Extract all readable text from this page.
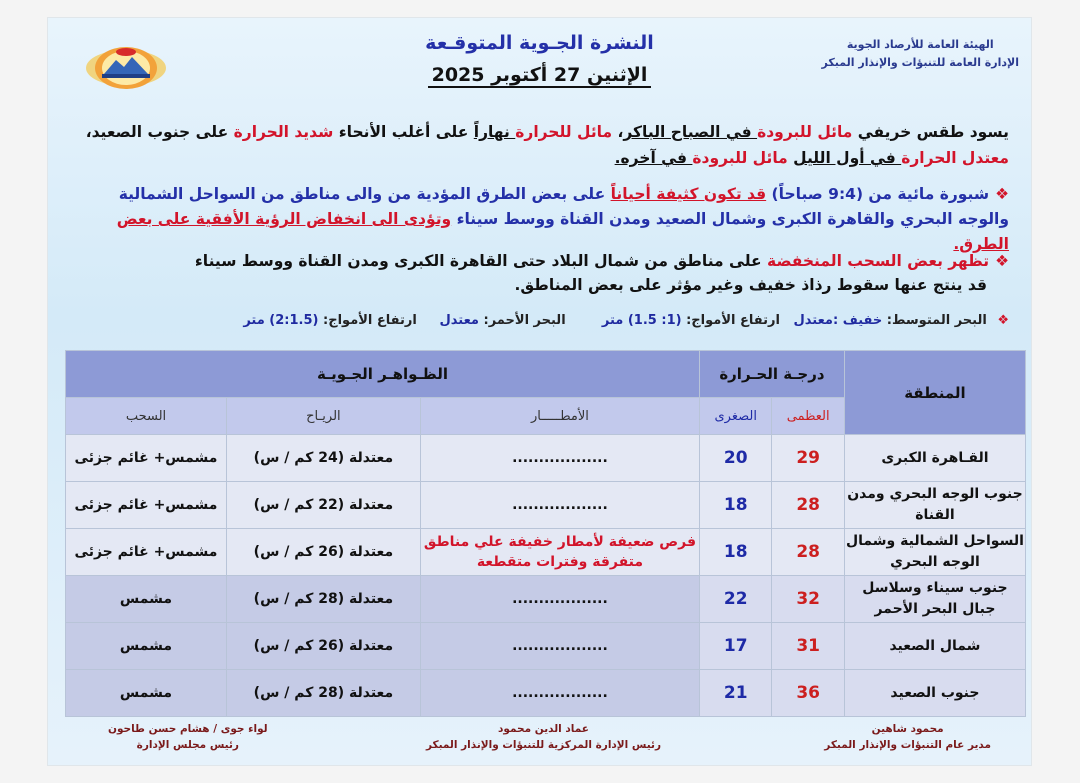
الهيئة العامة للأرصاد الجوية
الإدارة العامة للتنبؤات والإنذار المبكر
النشرة الجـوية المتوقـعة
الإثنين 27 أكتوبر 2025
يسود طقس خريفي مائل للبرودة في الصباح الباكر، مائل للحرارة نهاراً على أغلب الأنحاء شديد الحرارة على جنوب الصعيد،
معتدل الحرارة في أول الليل مائل للبرودة في آخره.
❖شبورة مائية من (9:4 صباحاً) قد تكون كثيفة أحياناً على بعض الطرق المؤدية من والى مناطق من السواحل الشمالية والوجه البحري والقاهرة الكبرى وشمال الصعيد ومدن القناة ووسط سيناء وتؤدى الى انخفاض الرؤية الأفقية على بعض الطرق.
❖تظهر بعض السحب المنخفضة على مناطق من شمال البلاد حتى القاهرة الكبرى ومدن القناة ووسط سيناء
قد ينتج عنها سقوط رذاذ خفيف وغير مؤثر على بعض المناطق.
❖ البحر المتوسط: خفيف :معتدل   ارتفاع الأمواج: (1: 1.5) متر        البحر الأحمر: معتدل     ارتفاع الأمواج: (2:1.5) متر
المنطقة	درجـة الحـرارة		الظـواهـر الجـويـة		
	العظمى	الصغرى	الأمطـــــار	الريـاح	السحب
القـاهرة الكبرى	29	20	..................	معتدلة (24 كم / س)	مشمس+ غائم جزئى
جنوب الوجه البحري ومدن القناة	28	18	..................	معتدلة (22 كم / س)	مشمس+ غائم جزئى
السواحل الشمالية وشمال الوجه البحري	28	18	فرص ضعيفة لأمطار خفيفة علي مناطق متفرقة وفترات متقطعة	معتدلة (26 كم / س)	مشمس+ غائم جزئى
جنوب سيناء وسلاسل جبال البحر الأحمر	32	22	..................	معتدلة (28 كم / س)	مشمس
شمال الصعيد	31	17	..................	معتدلة (26 كم / س)	مشمس
جنوب الصعيد	36	21	..................	معتدلة (28 كم / س)	مشمس
محمود شاهين
مدير عام التنبؤات والإنذار المبكر
عماد الدين محمود
رئيس الإدارة المركزية للتنبؤات والإنذار المبكر
لواء جوى / هشام حسن طاحون
رئيس مجلس الإدارة
